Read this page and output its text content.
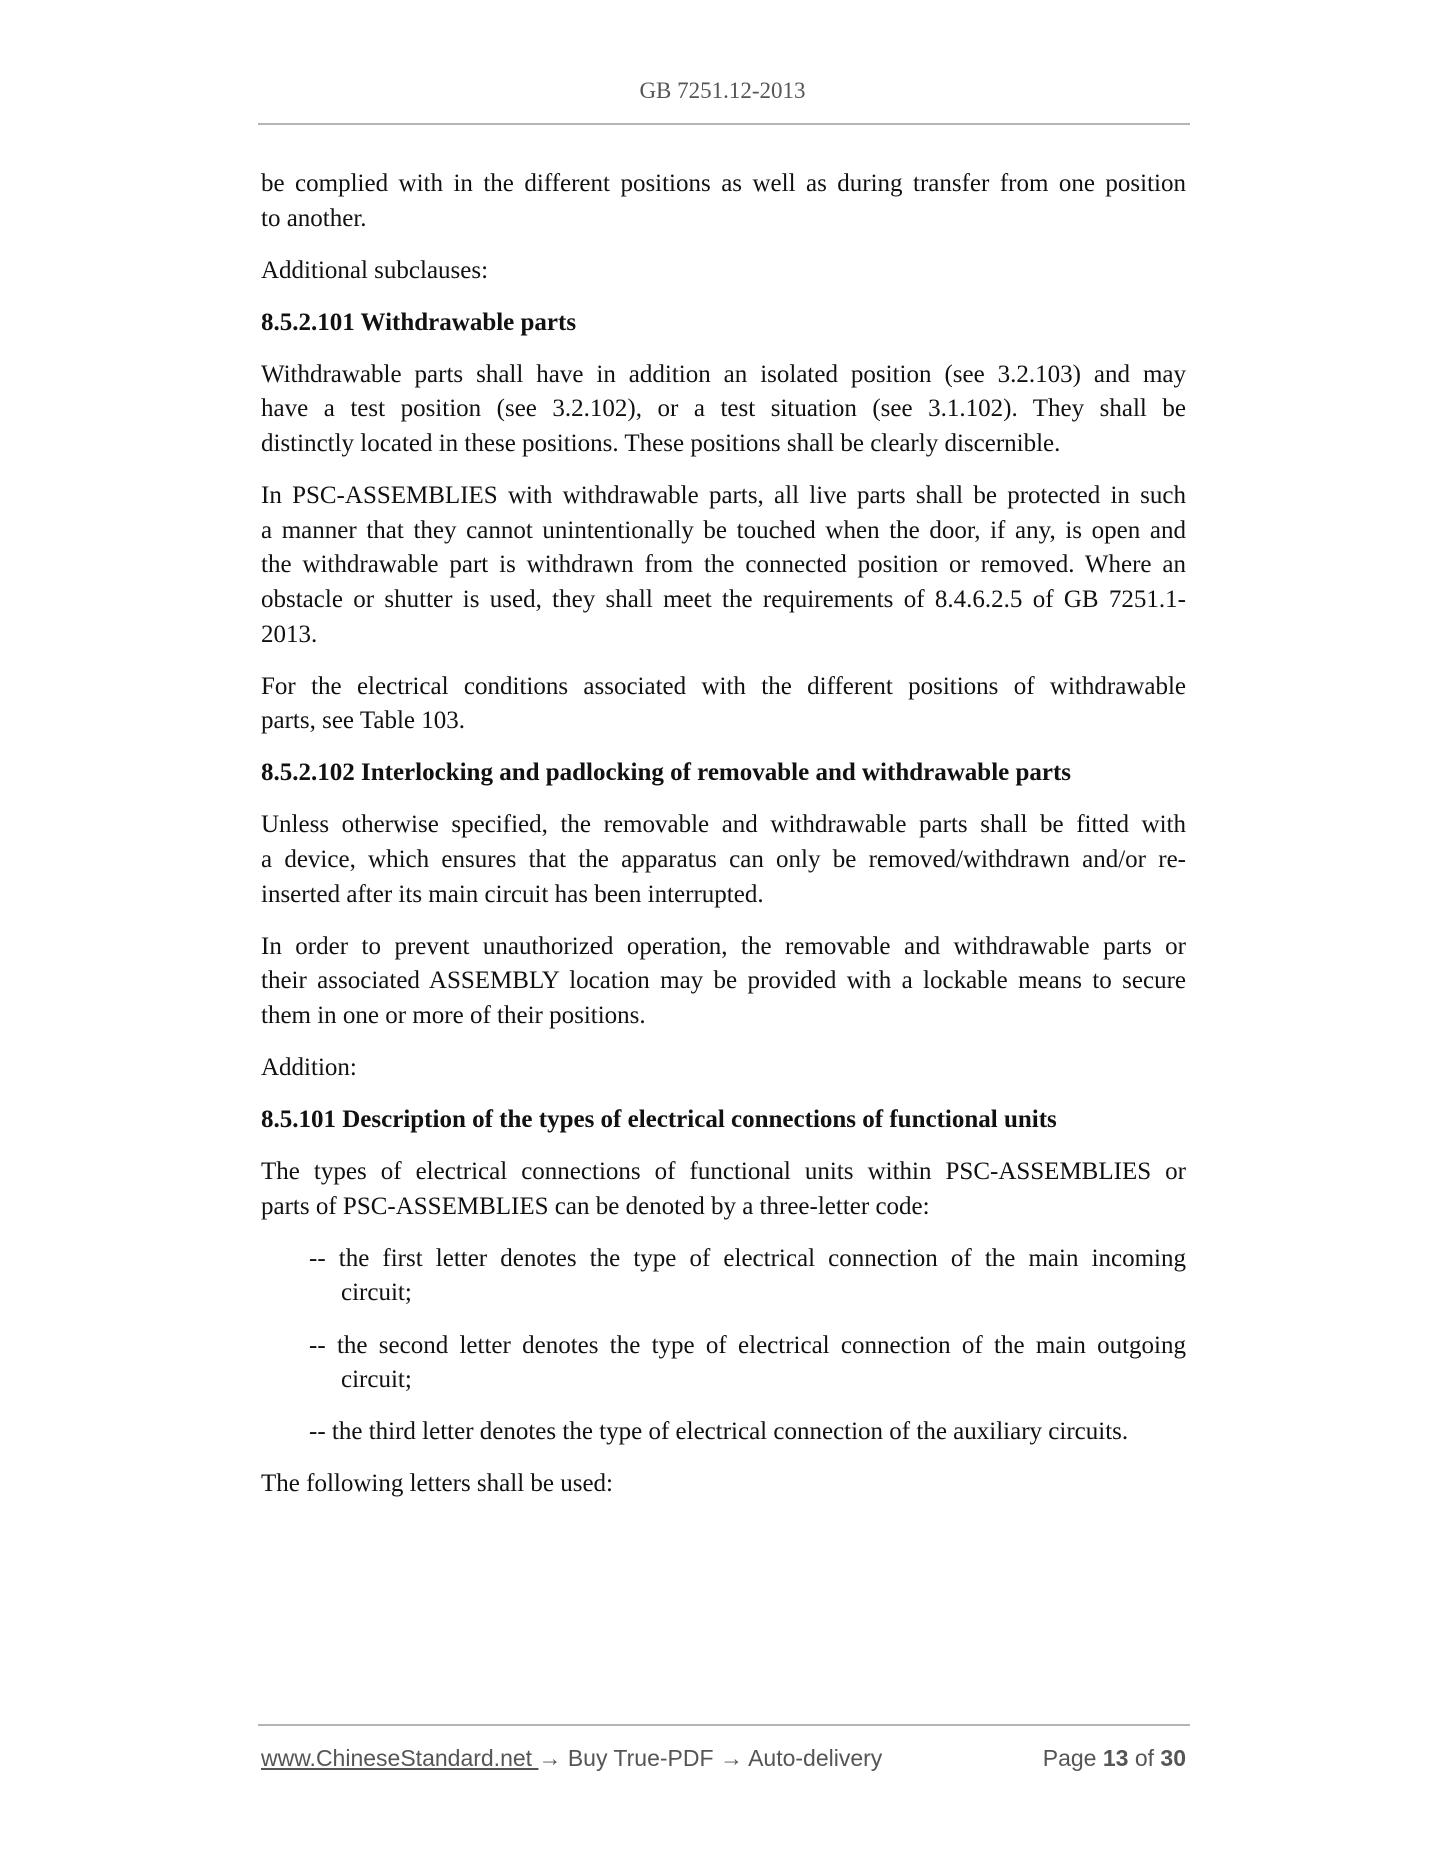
GB 7251.12-2013
be complied with in the different positions as well as during transfer from one position
to another.
Additional subclauses:
8.5.2.101 Withdrawable parts
Withdrawable parts shall have in addition an isolated position (see 3.2.103) and may
have a test position (see 3.2.102), or a test situation (see 3.1.102). They shall be
distinctly located in these positions. These positions shall be clearly discernible.
In PSC-ASSEMBLIES with withdrawable parts, all live parts shall be protected in such
a manner that they cannot unintentionally be touched when the door, if any, is open and
the withdrawable part is withdrawn from the connected position or removed. Where an
obstacle or shutter is used, they shall meet the requirements of 8.4.6.2.5 of GB 7251.1-
2013.
For the electrical conditions associated with the different positions of withdrawable
parts, see Table 103.
8.5.2.102 Interlocking and padlocking of removable and withdrawable parts
Unless otherwise specified, the removable and withdrawable parts shall be fitted with
a device, which ensures that the apparatus can only be removed/withdrawn and/or re-
inserted after its main circuit has been interrupted.
In order to prevent unauthorized operation, the removable and withdrawable parts or
their associated ASSEMBLY location may be provided with a lockable means to secure
them in one or more of their positions.
Addition:
8.5.101 Description of the types of electrical connections of functional units
The types of electrical connections of functional units within PSC-ASSEMBLIES or
parts of PSC-ASSEMBLIES can be denoted by a three-letter code:
-- the first letter denotes the type of electrical connection of the main incoming
circuit;
-- the second letter denotes the type of electrical connection of the main outgoing
circuit;
-- the third letter denotes the type of electrical connection of the auxiliary circuits.
The following letters shall be used:
www.ChineseStandard.net → Buy True-PDF → Auto-delivery	Page 13 of 30
